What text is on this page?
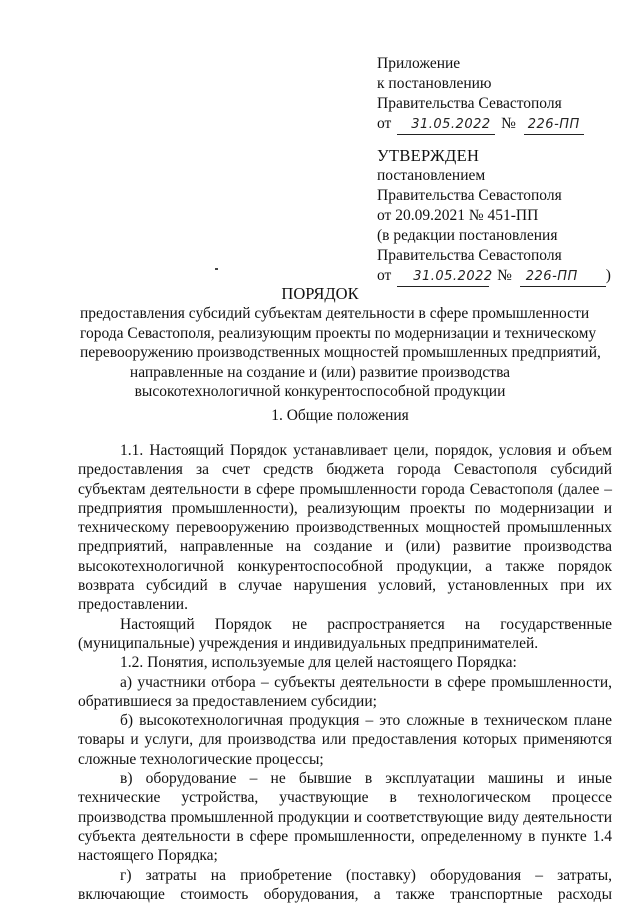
Приложение
к постановлению
Правительства Севастополя
от 31.05.2022 № 226-ПП
УТВЕРЖДЕН
постановлением
Правительства Севастополя
от 20.09.2021 № 451-ПП
(в редакции постановления
Правительства Севастополя
от 31.05.2022 № 226-ПП )
ПОРЯДОК
предоставления субсидий субъектам деятельности в сфере промышленности
города Севастополя, реализующим проекты по модернизации и техническому
перевооружению производственных мощностей промышленных предприятий,
направленные на создание и (или) развитие производства
высокотехнологичной конкурентоспособной продукции
1. Общие положения
1.1. Настоящий Порядок устанавливает цели, порядок, условия и объем предоставления за счет средств бюджета города Севастополя субсидий субъектам деятельности в сфере промышленности города Севастополя (далее – предприятия промышленности), реализующим проекты по модернизации и техническому перевооружению производственных мощностей промышленных предприятий, направленные на создание и (или) развитие производства высокотехнологичной конкурентоспособной продукции, а также порядок возврата субсидий в случае нарушения условий, установленных при их предоставлении.
Настоящий Порядок не распространяется на государственные (муниципальные) учреждения и индивидуальных предпринимателей.
1.2. Понятия, используемые для целей настоящего Порядка:
а) участники отбора – субъекты деятельности в сфере промышленности, обратившиеся за предоставлением субсидии;
б) высокотехнологичная продукция – это сложные в техническом плане товары и услуги, для производства или предоставления которых применяются сложные технологические процессы;
в) оборудование – не бывшие в эксплуатации машины и иные технические устройства, участвующие в технологическом процессе производства промышленной продукции и соответствующие виду деятельности субъекта деятельности в сфере промышленности, определенному в пункте 1.4 настоящего Порядка;
г) затраты на приобретение (поставку) оборудования – затраты, включающие стоимость оборудования, а также транспортные расходы
